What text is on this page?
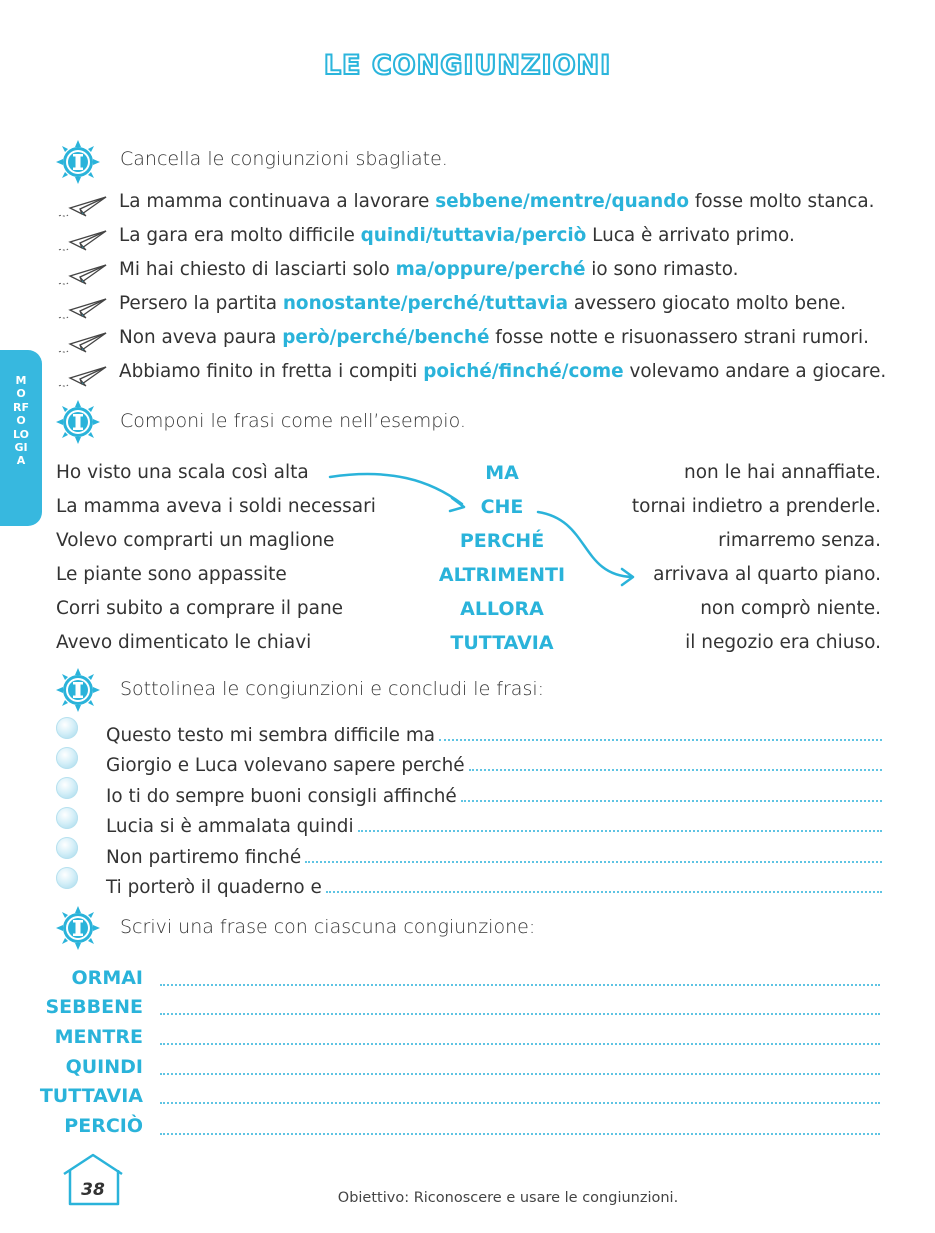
LE CONGIUNZIONI
MORFOLOGIA
Cancella le congiunzioni sbagliate.
La mamma continuava a lavorare sebbene/mentre/quando fosse molto stanca.
La gara era molto difficile quindi/tuttavia/perciò Luca è arrivato primo.
Mi hai chiesto di lasciarti solo ma/oppure/perché io sono rimasto.
Persero la partita nonostante/perché/tuttavia avessero giocato molto bene.
Non aveva paura però/perché/benché fosse notte e risuonassero strani rumori.
Abbiamo finito in fretta i compiti poiché/finché/come volevamo andare a giocare.
Componi le frasi come nell’esempio.
Ho visto una scala così alta
La mamma aveva i soldi necessari
Volevo comprarti un maglione
Le piante sono appassite
Corri subito a comprare il pane
Avevo dimenticato le chiavi
MA
CHE
PERCHÉ
ALTRIMENTI
ALLORA
TUTTAVIA
non le hai annaffiate.
tornai indietro a prenderle.
rimarremo senza.
arrivava al quarto piano.
non comprò niente.
il negozio era chiuso.
Sottolinea le congiunzioni e concludi le frasi:
Questo testo mi sembra difficile ma
Giorgio e Luca volevano sapere perché
Io ti do sempre buoni consigli affinché
Lucia si è ammalata quindi
Non partiremo finché
Ti porterò il quaderno e
Scrivi una frase con ciascuna congiunzione:
ORMAI
SEBBENE
MENTRE
QUINDI
TUTTAVIA
PERCIÒ
38	Obiettivo: Riconoscere e usare le congiunzioni.
